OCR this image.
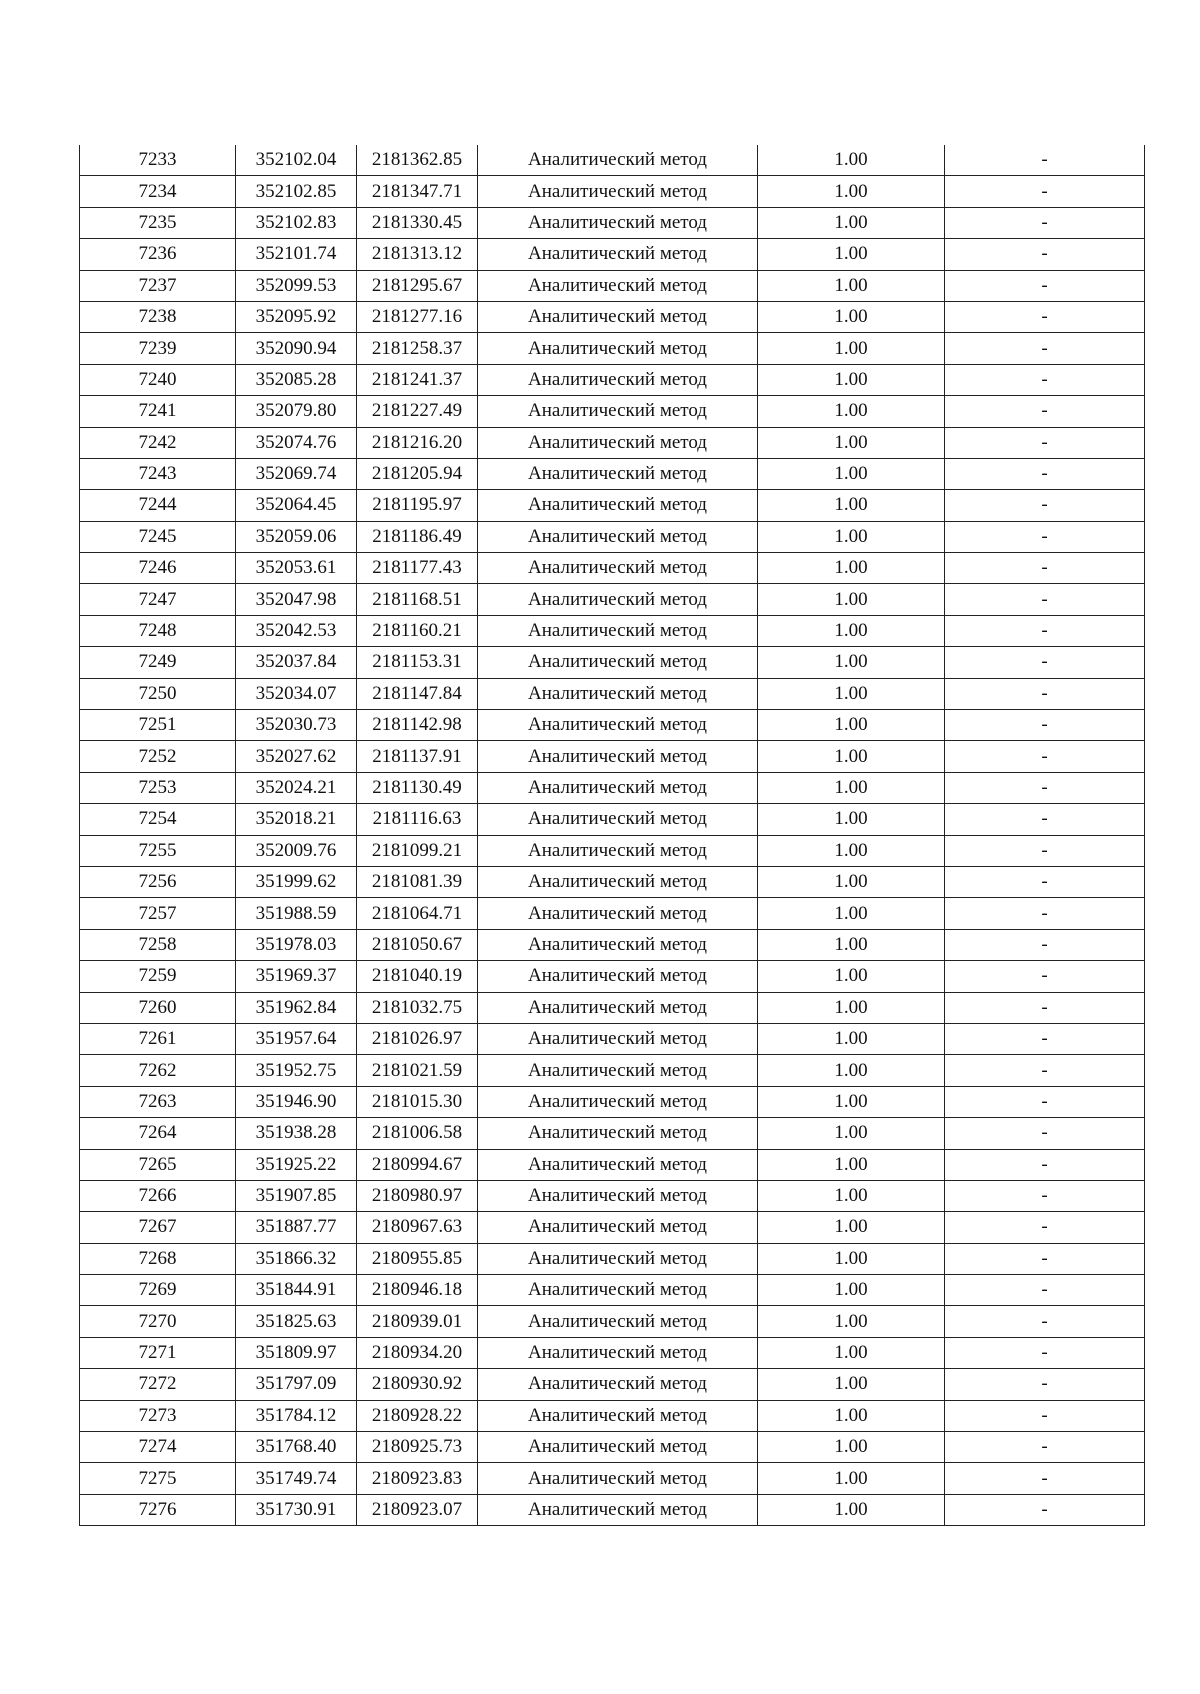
7233	352102.04	2181362.85	Аналитический метод	1.00	-
7234	352102.85	2181347.71	Аналитический метод	1.00	-
7235	352102.83	2181330.45	Аналитический метод	1.00	-
7236	352101.74	2181313.12	Аналитический метод	1.00	-
7237	352099.53	2181295.67	Аналитический метод	1.00	-
7238	352095.92	2181277.16	Аналитический метод	1.00	-
7239	352090.94	2181258.37	Аналитический метод	1.00	-
7240	352085.28	2181241.37	Аналитический метод	1.00	-
7241	352079.80	2181227.49	Аналитический метод	1.00	-
7242	352074.76	2181216.20	Аналитический метод	1.00	-
7243	352069.74	2181205.94	Аналитический метод	1.00	-
7244	352064.45	2181195.97	Аналитический метод	1.00	-
7245	352059.06	2181186.49	Аналитический метод	1.00	-
7246	352053.61	2181177.43	Аналитический метод	1.00	-
7247	352047.98	2181168.51	Аналитический метод	1.00	-
7248	352042.53	2181160.21	Аналитический метод	1.00	-
7249	352037.84	2181153.31	Аналитический метод	1.00	-
7250	352034.07	2181147.84	Аналитический метод	1.00	-
7251	352030.73	2181142.98	Аналитический метод	1.00	-
7252	352027.62	2181137.91	Аналитический метод	1.00	-
7253	352024.21	2181130.49	Аналитический метод	1.00	-
7254	352018.21	2181116.63	Аналитический метод	1.00	-
7255	352009.76	2181099.21	Аналитический метод	1.00	-
7256	351999.62	2181081.39	Аналитический метод	1.00	-
7257	351988.59	2181064.71	Аналитический метод	1.00	-
7258	351978.03	2181050.67	Аналитический метод	1.00	-
7259	351969.37	2181040.19	Аналитический метод	1.00	-
7260	351962.84	2181032.75	Аналитический метод	1.00	-
7261	351957.64	2181026.97	Аналитический метод	1.00	-
7262	351952.75	2181021.59	Аналитический метод	1.00	-
7263	351946.90	2181015.30	Аналитический метод	1.00	-
7264	351938.28	2181006.58	Аналитический метод	1.00	-
7265	351925.22	2180994.67	Аналитический метод	1.00	-
7266	351907.85	2180980.97	Аналитический метод	1.00	-
7267	351887.77	2180967.63	Аналитический метод	1.00	-
7268	351866.32	2180955.85	Аналитический метод	1.00	-
7269	351844.91	2180946.18	Аналитический метод	1.00	-
7270	351825.63	2180939.01	Аналитический метод	1.00	-
7271	351809.97	2180934.20	Аналитический метод	1.00	-
7272	351797.09	2180930.92	Аналитический метод	1.00	-
7273	351784.12	2180928.22	Аналитический метод	1.00	-
7274	351768.40	2180925.73	Аналитический метод	1.00	-
7275	351749.74	2180923.83	Аналитический метод	1.00	-
7276	351730.91	2180923.07	Аналитический метод	1.00	-
